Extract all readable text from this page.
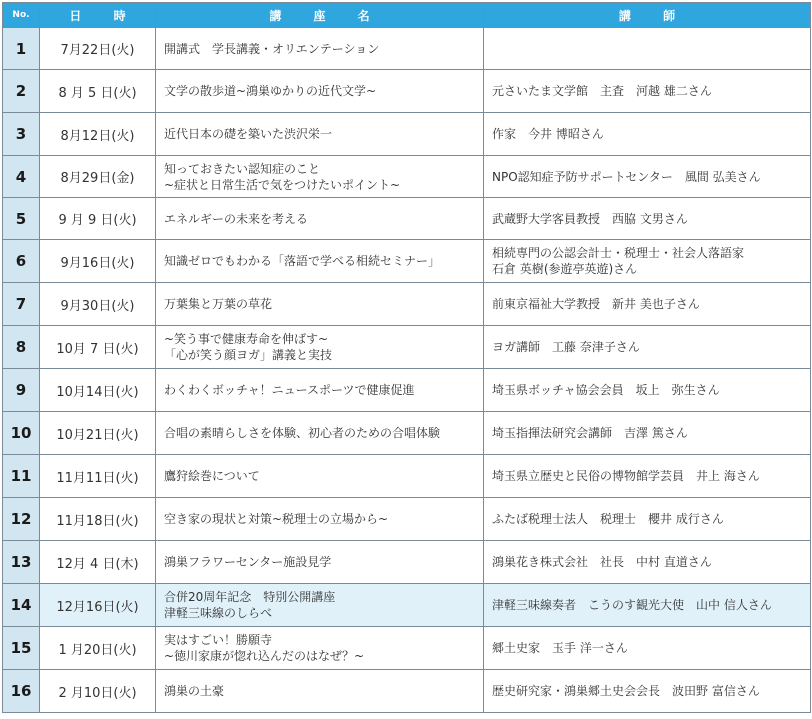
No.	日 時	講 座 名	講 師
1	7月22日(火)	開講式　学長講義・オリエンテーション	

2	8 月 5 日(火)	文学の散歩道~鴻巣ゆかりの近代文学~	元さいたま文学館　主査　河越 雄二さん

3	8月12日(火)	近代日本の礎を築いた渋沢栄一	作家　今井 博昭さん

4	8月29日(金)	知っておきたい認知症のこと
~症状と日常生活で気をつけたいポイント~	NPO認知症予防サポートセンター　風間 弘美さん

5	9 月 9 日(火)	エネルギーの未来を考える	武蔵野大学客員教授　西脇 文男さん

6	9月16日(火)	知識ゼロでもわかる「落語で学べる相続セミナー」	相続専門の公認会計士・税理士・社会人落語家
石倉 英樹(参遊亭英遊)さん

7	9月30日(火)	万葉集と万葉の草花	前東京福祉大学教授　新井 美也子さん

8	10月 7 日(火)	~笑う事で健康寿命を伸ばす~
「心が笑う顔ヨガ」講義と実技	ヨガ講師　工藤 奈津子さん

9	10月14日(火)	わくわくボッチャ！ニュースポーツで健康促進	埼玉県ボッチャ協会会員　坂上　弥生さん

10	10月21日(火)	合唱の素晴らしさを体験、初心者のための合唱体験	埼玉指揮法研究会講師　吉澤 篤さん

11	11月11日(火)	鷹狩絵巻について	埼玉県立歴史と民俗の博物館学芸員　井上 海さん

12	11月18日(火)	空き家の現状と対策~税理士の立場から~	ふたば税理士法人　税理士　櫻井 成行さん

13	12月 4 日(木)	鴻巣フラワーセンター施設見学	鴻巣花き株式会社　社長　中村 直道さん

14	12月16日(火)	合併20周年記念　特別公開講座
津軽三味線のしらべ	津軽三味線奏者　こうのす観光大使　山中 信人さん

15	1 月20日(火)	実はすごい！勝願寺
~徳川家康が惚れ込んだのはなぜ？~	郷土史家　玉手 洋一さん

16	2 月10日(火)	鴻巣の土豪	歴史研究家・鴻巣郷土史会会長　波田野 富信さん
